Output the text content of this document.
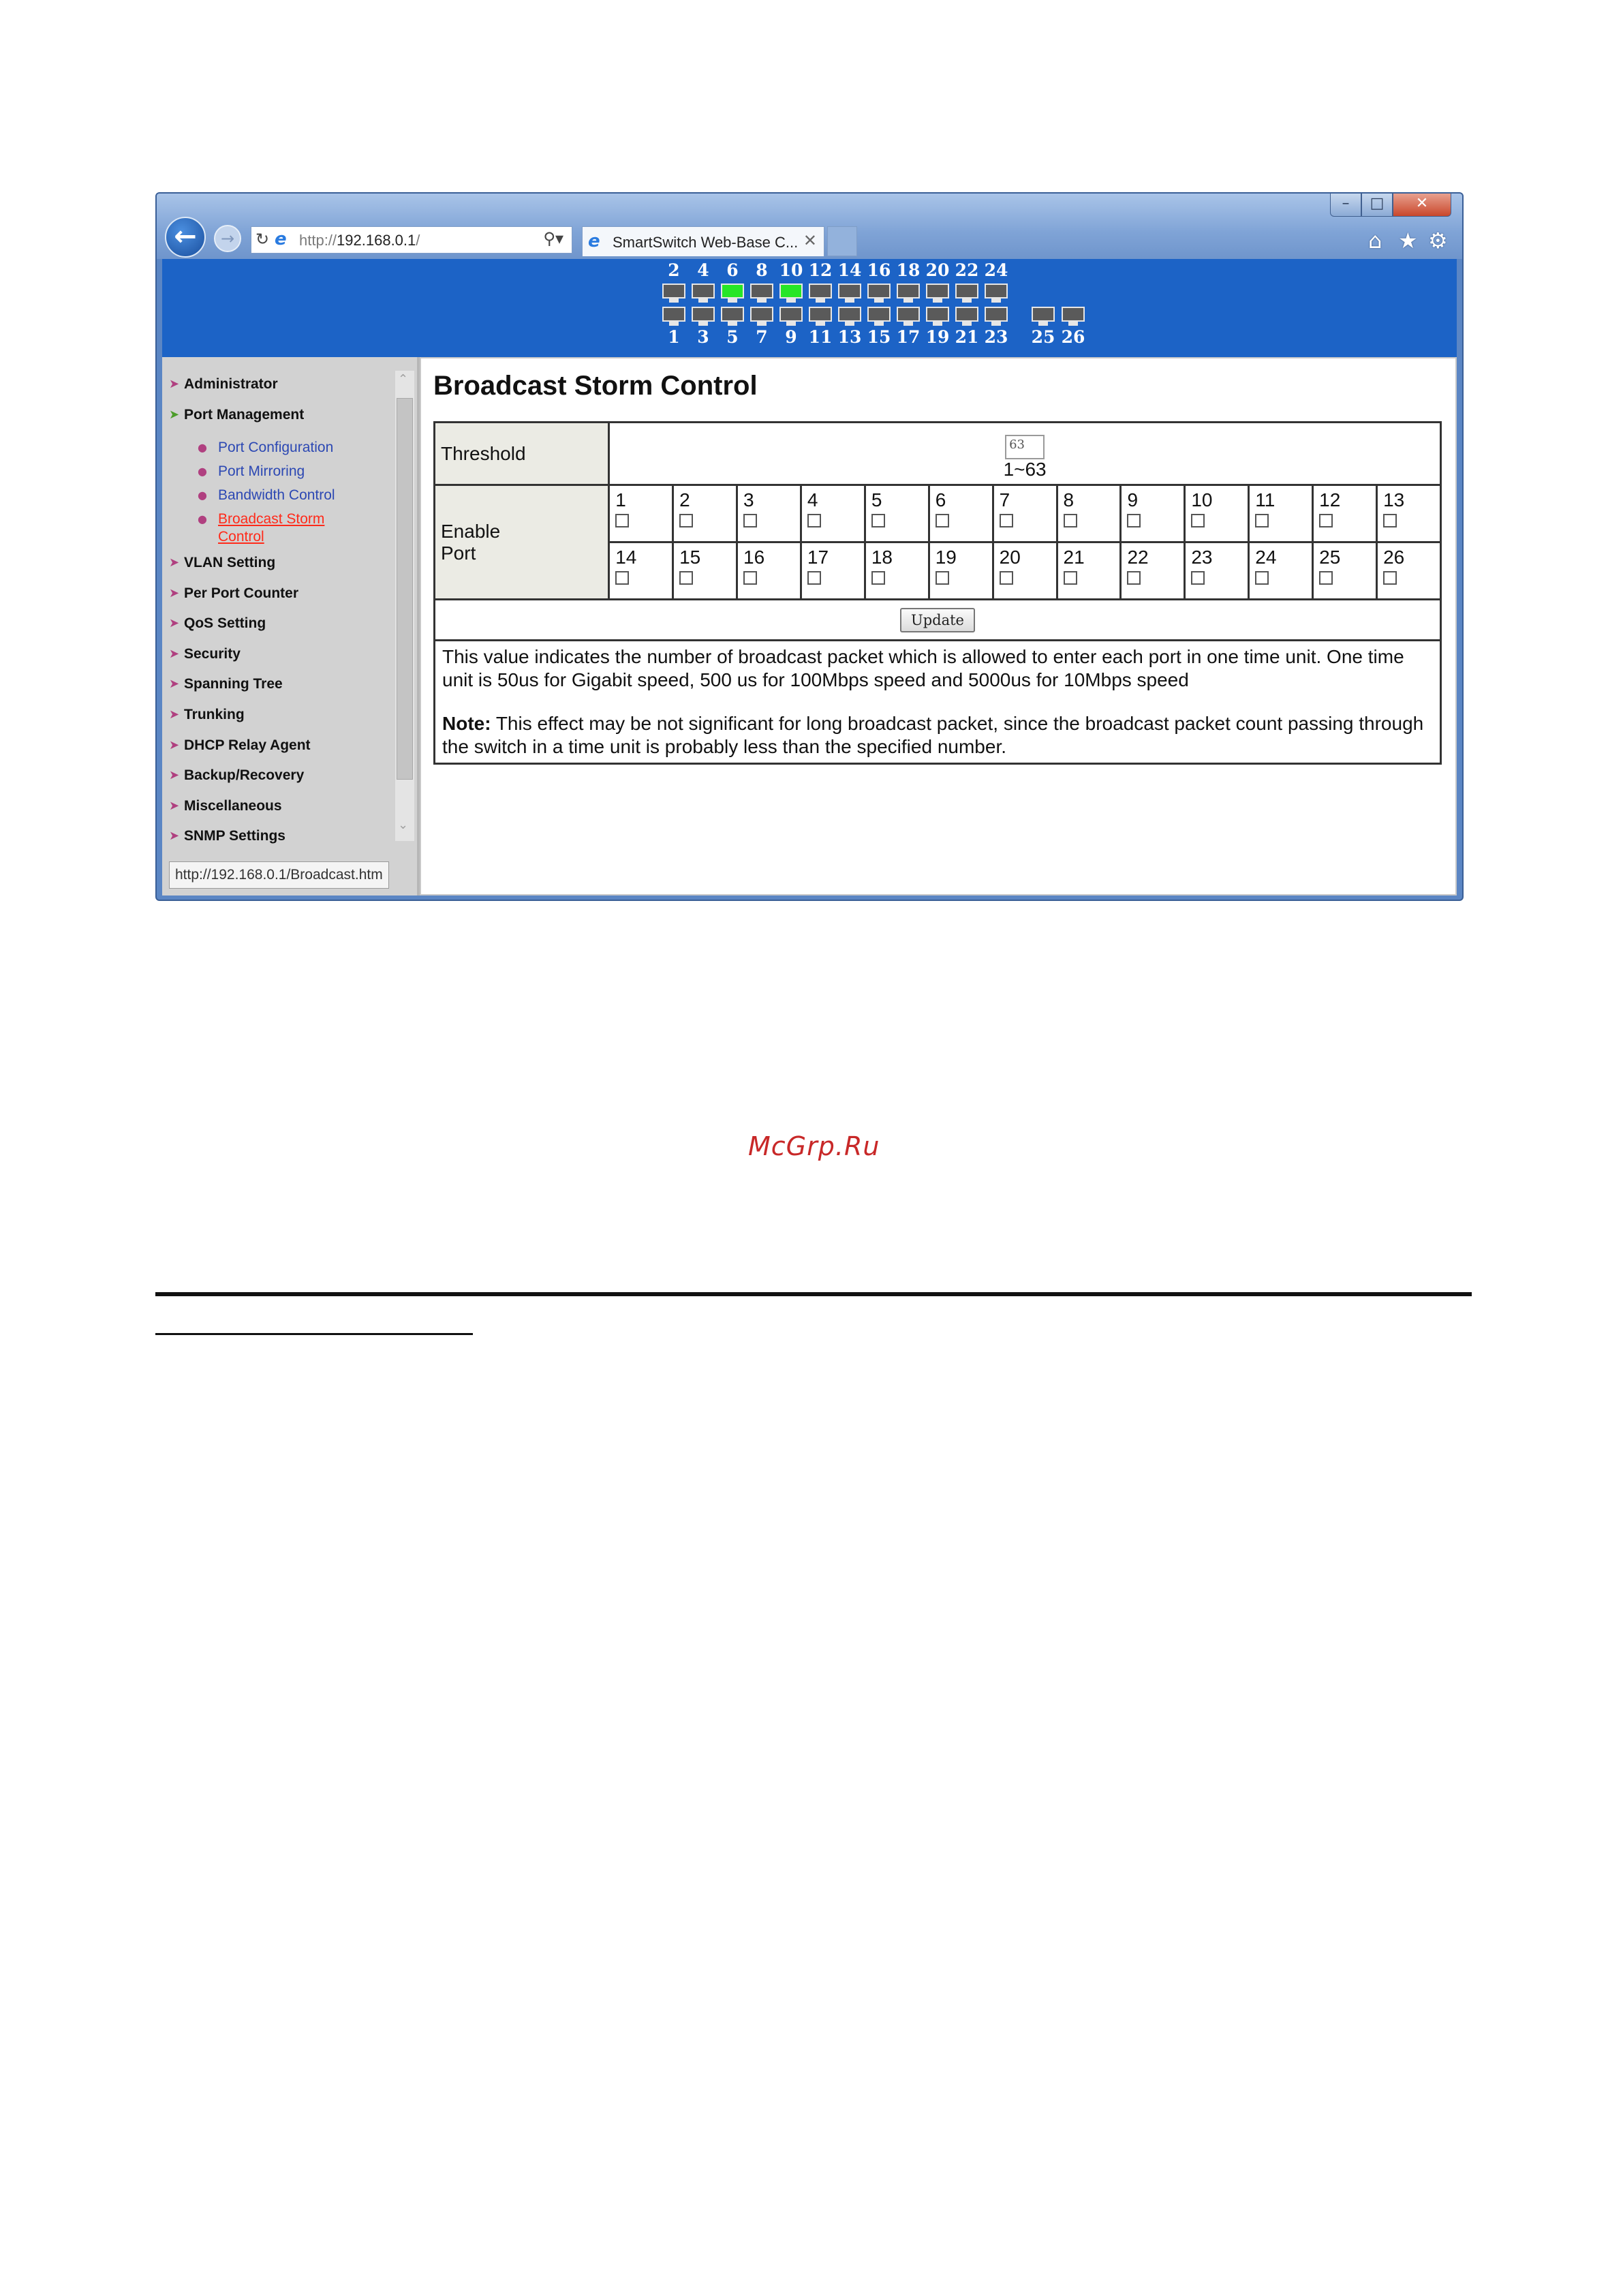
–	□	✕
←	→	↻ e http://192.168.0.1/	⚲▾ e SmartSwitch Web-Base C... ✕	⌂ ★ ⚙
2	4	6	8 10 12 14 16 18 20 22 24
1	3	5	7	9 11 13 15 17 19 21 23 25 26
➤ Administrator
➤ Port Management
● Port Configuration
● Port Mirroring
● Bandwidth Control
● Broadcast Storm
Control
⌃
⌄
http://192.168.0.1/Broadcast.htm
➤ VLAN Setting
➤ Per Port Counter
➤ QoS Setting
➤ Security
➤ Spanning Tree
➤ Trunking
➤ DHCP Relay Agent
➤ Backup/Recovery
➤ Miscellaneous
➤ SNMP Settings
Broadcast Storm Control
Threshold	63
1~63												

Enable
Port	1	2	3	4	5	6	7	8	9	10	11	12	13

	14	15	16	17	18	19	20	21	22	23	24	25	26

Update													

This value indicates the number of broadcast packet which is allowed to enter each port in one time unit. One time unit is 50us for Gigabit speed, 500 us for 100Mbps speed and 5000us for 10Mbps speed
Note: This effect may be not significant for long broadcast packet, since the broadcast packet count passing through the switch in a time unit is probably less than the specified number.													
McGrp.Ru
